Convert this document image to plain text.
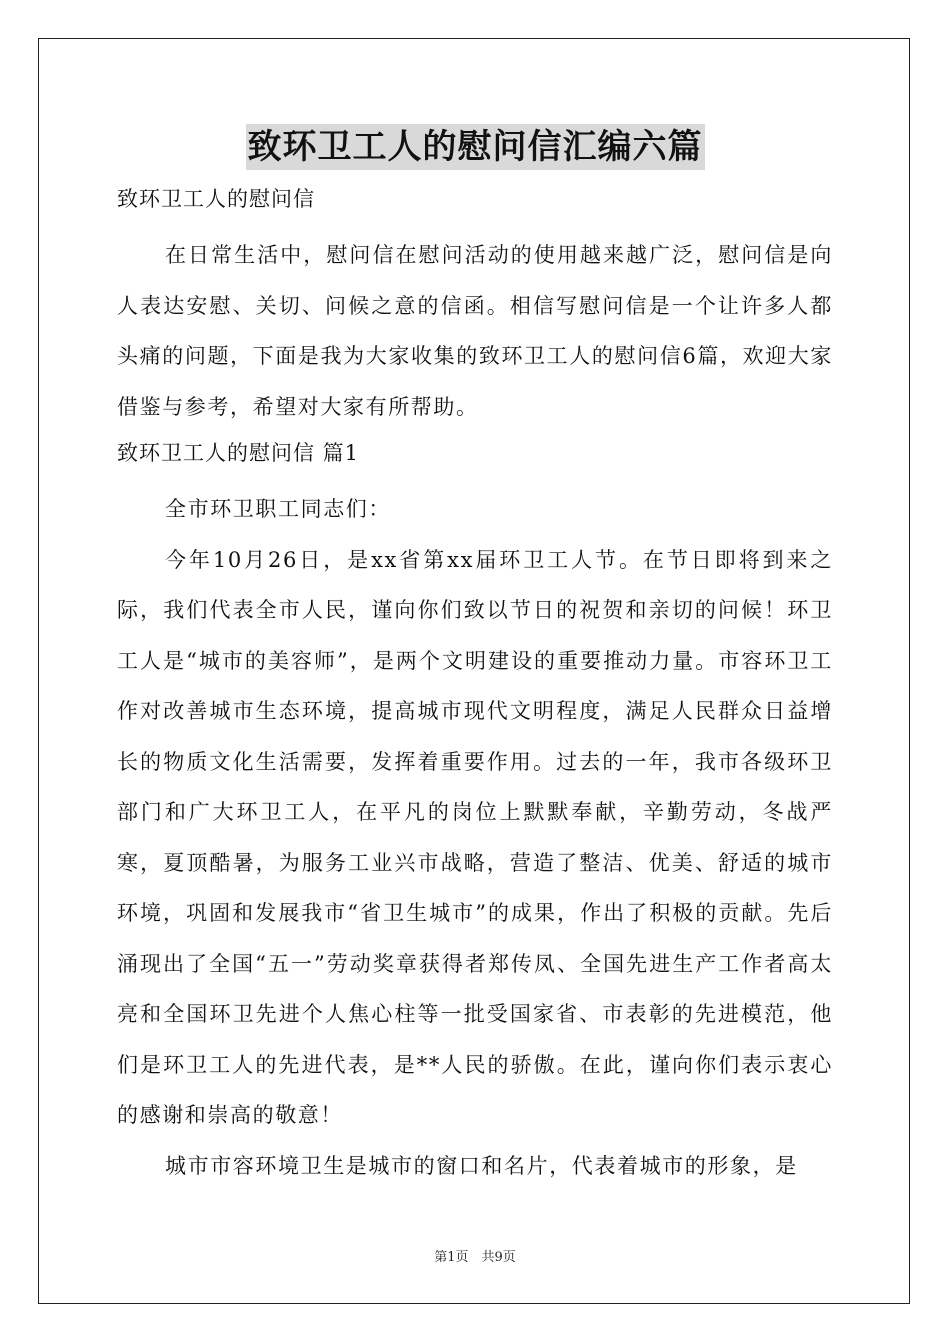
致环卫工人的慰问信汇编六篇
致环卫工人的慰问信

在日常生活中，慰问信在慰问活动的使用越来越广泛，慰问信是向人表达安慰、关切、问候之意的信函。相信写慰问信是一个让许多人都头痛的问题，下面是我为大家收集的致环卫工人的慰问信6篇，欢迎大家借鉴与参考，希望对大家有所帮助。

致环卫工人的慰问信 篇1

全市环卫职工同志们：

今年10月26日，是xx省第xx届环卫工人节。在节日即将到来之际，我们代表全市人民，谨向你们致以节日的祝贺和亲切的问候！环卫工人是“城市的美容师”，是两个文明建设的重要推动力量。市容环卫工作对改善城市生态环境，提高城市现代文明程度，满足人民群众日益增长的物质文化生活需要，发挥着重要作用。过去的一年，我市各级环卫部门和广大环卫工人，在平凡的岗位上默默奉献，辛勤劳动，冬战严寒，夏顶酷暑，为服务工业兴市战略，营造了整洁、优美、舒适的城市环境，巩固和发展我市“省卫生城市”的成果，作出了积极的贡献。先后涌现出了全国“五一”劳动奖章获得者郑传凤、全国先进生产工作者高太亮和全国环卫先进个人焦心柱等一批受国家省、市表彰的先进模范，他们是环卫工人的先进代表，是**人民的骄傲。在此，谨向你们表示衷心的感谢和崇高的敬意！

城市市容环境卫生是城市的窗口和名片，代表着城市的形象，是

第1页　共9页
